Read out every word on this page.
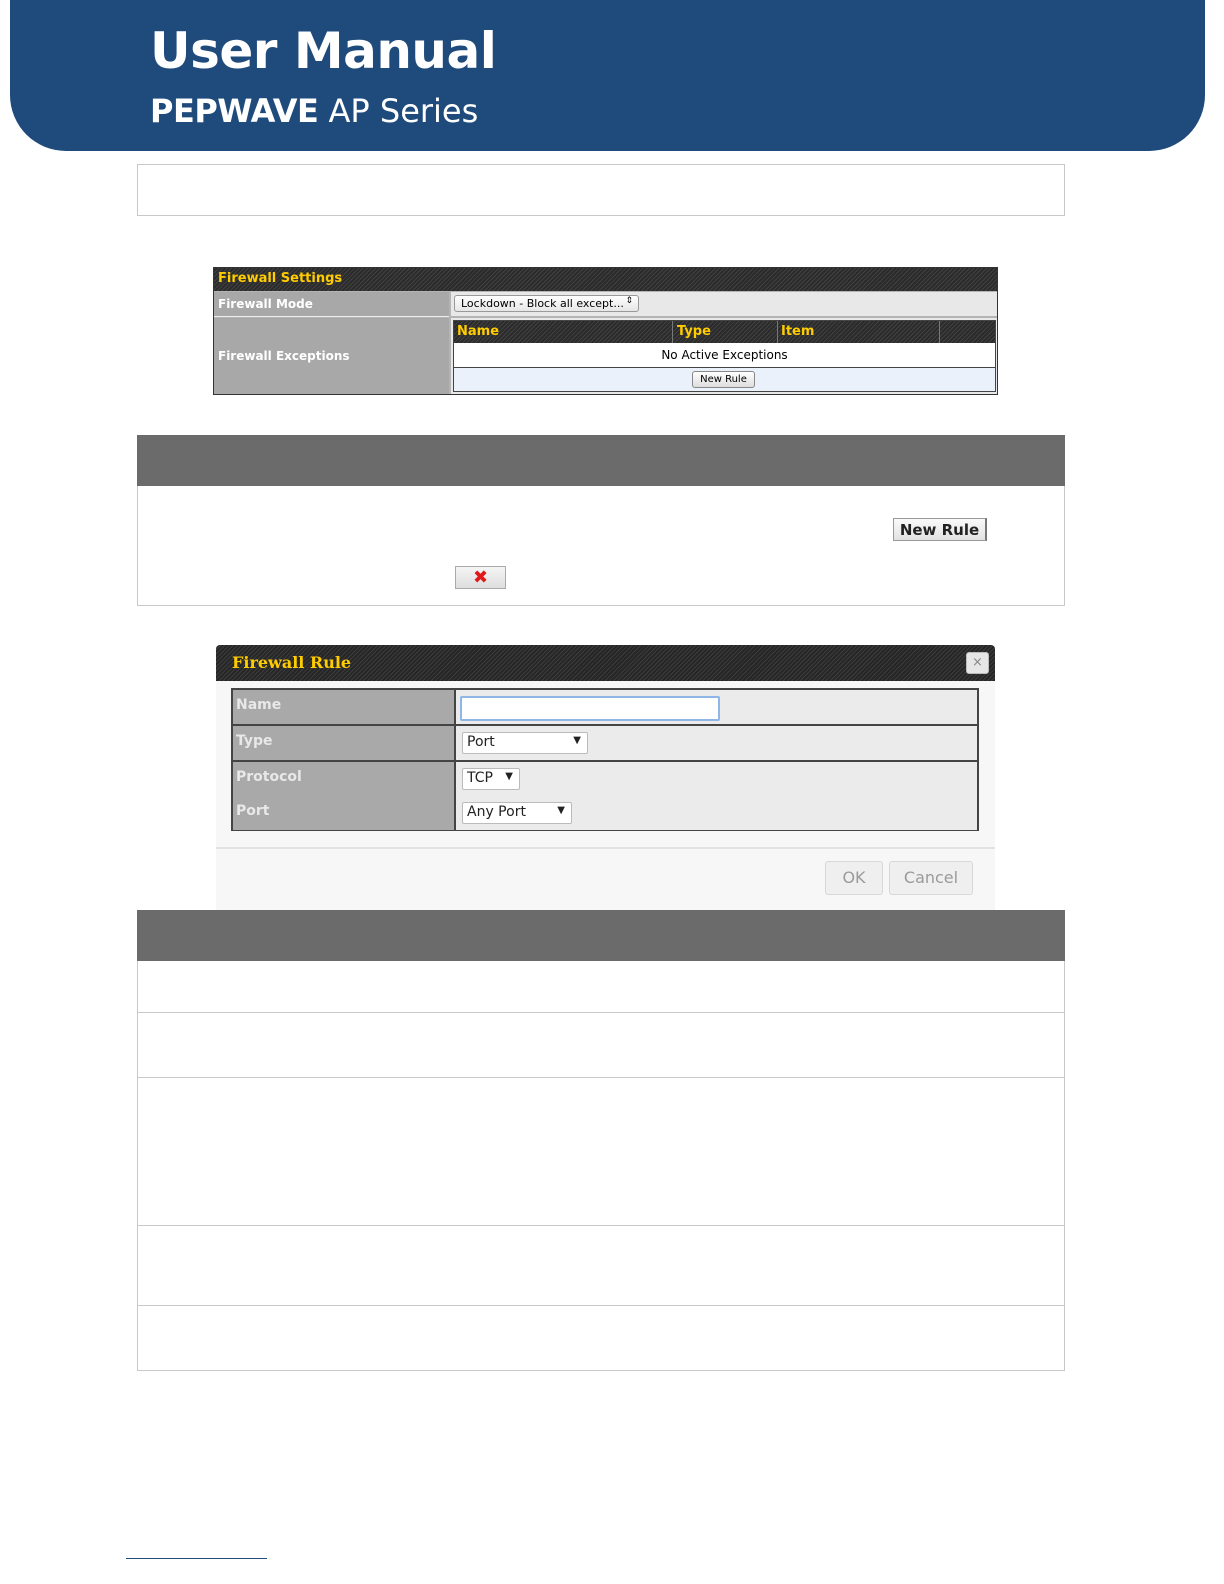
User Manual
PEPWAVE AP Series
Firewall Settings
Firewall Mode	Lockdown - Block all except... ⇕
Firewall Exceptions
Name	Type	Item
No Active Exceptions
New Rule
New Rule
✖
Firewall Rule	×
Name
Type	Port	▼
Protocol	TCP ▼
Port	Any Port	▼
OK	Cancel
